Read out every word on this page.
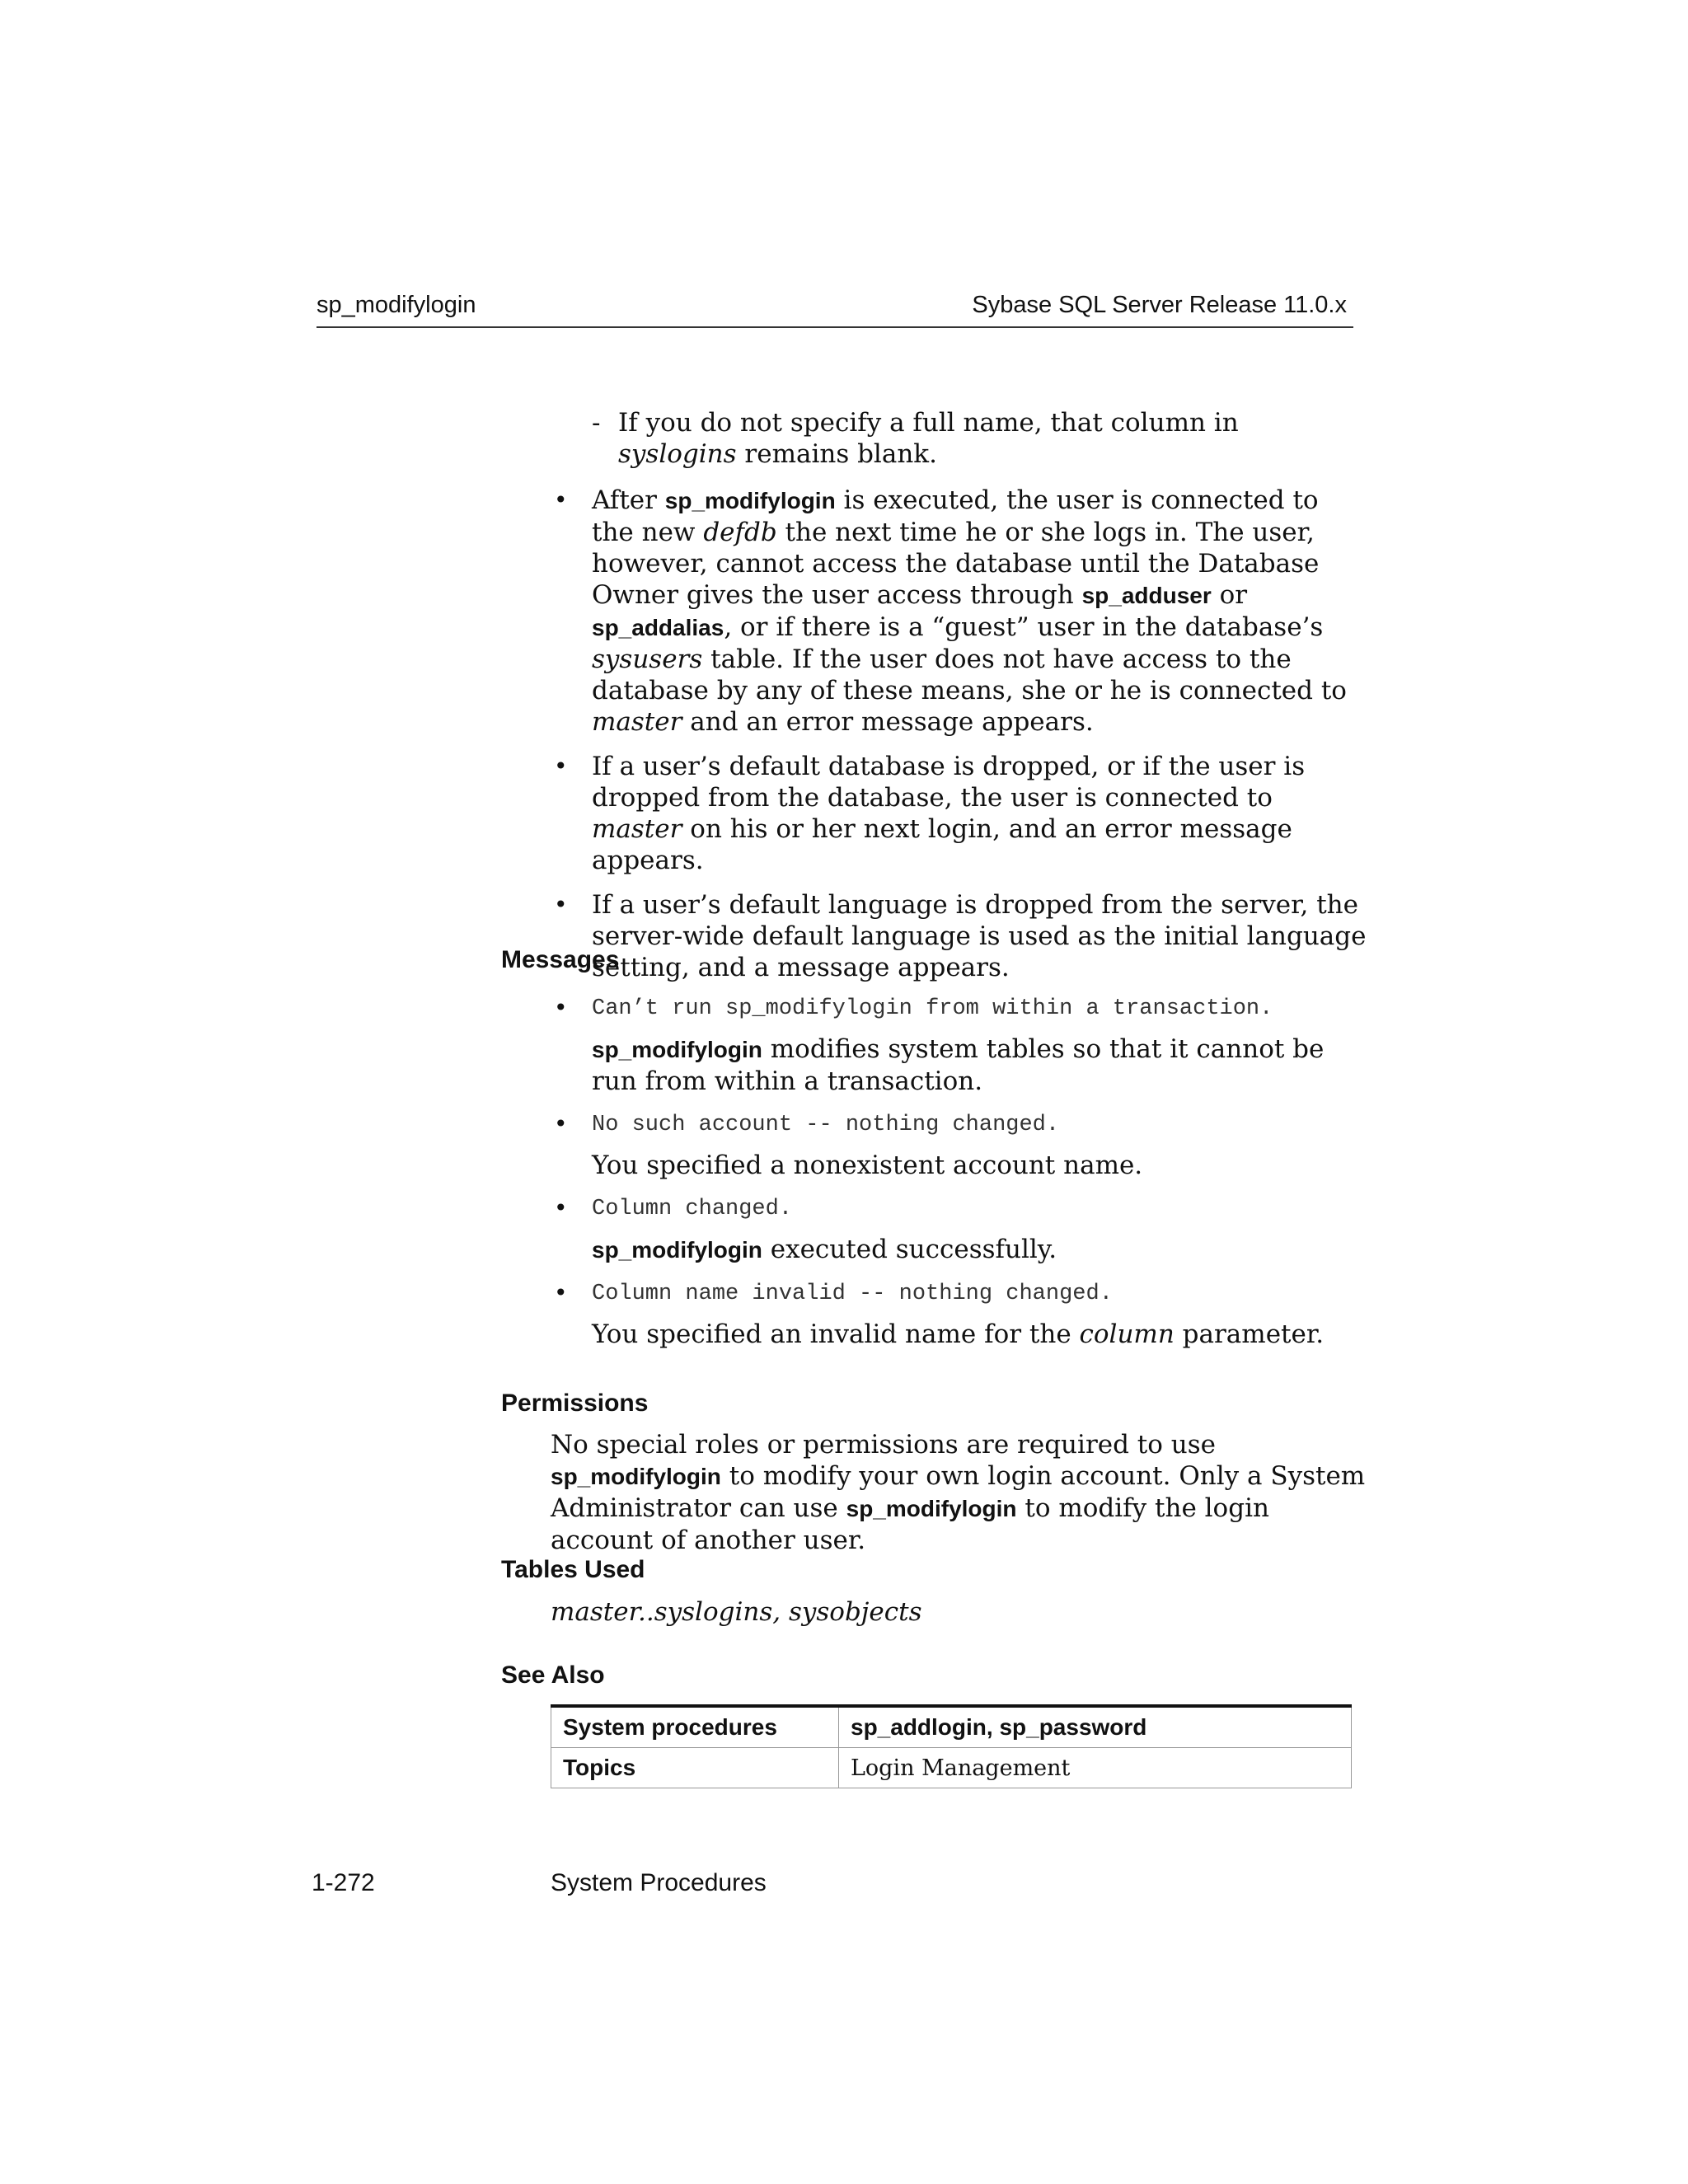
sp_modifylogin	Sybase SQL Server Release 11.0.x
- If you do not specify a full name, that column in syslogins remains blank.
• After sp_modifylogin is executed, the user is connected to the new defdb the next time he or she logs in. The user, however, cannot access the database until the Database Owner gives the user access through sp_adduser or sp_addalias, or if there is a “guest” user in the database’s sysusers table. If the user does not have access to the database by any of these means, she or he is connected to master and an error message appears.
• If a user’s default database is dropped, or if the user is dropped from the database, the user is connected to master on his or her next login, and an error message appears.
• If a user’s default language is dropped from the server, the server-wide default language is used as the initial language setting, and a message appears.
Messages
• Can’t run sp_modifylogin from within a transaction.
sp_modifylogin modifies system tables so that it cannot be run from within a transaction.
• No such account -- nothing changed.
You specified a nonexistent account name.
• Column changed.
sp_modifylogin executed successfully.
• Column name invalid -- nothing changed.
You specified an invalid name for the column parameter.
Permissions
No special roles or permissions are required to use sp_modifylogin to modify your own login account. Only a System Administrator can use sp_modifylogin to modify the login account of another user.
Tables Used
master..syslogins, sysobjects
See Also
System procedures	sp_addlogin, sp_password
Topics	Login Management
1-272	System Procedures
